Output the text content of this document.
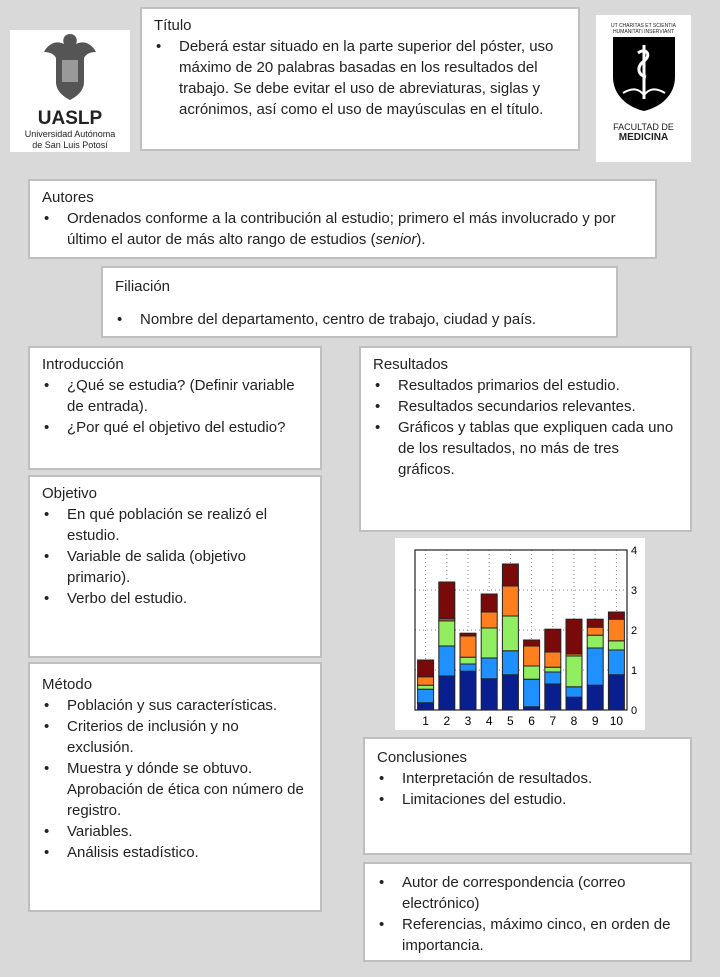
UASLP
Universidad Autónoma
de San Luis Potosí
UT CHARITAS ET SCIENTIA
HUMANITATI INSERVIANT
FACULTAD DE
MEDICINA
Título
• Deberá estar situado en la parte superior del póster, uso máximo de 20 palabras basadas en los resultados del trabajo. Se debe evitar el uso de abreviaturas, siglas y acrónimos, así como el uso de mayúsculas en el título.
Autores
• Ordenados conforme a la contribución al estudio; primero el más involucrado y por último el autor de más alto rango de estudios (senior).
Filiación
• Nombre del departamento, centro de trabajo, ciudad y país.
Introducción
• ¿Qué se estudia? (Definir variable de entrada).
• ¿Por qué el objetivo del estudio?
Objetivo
• En qué población se realizó el estudio.
• Variable de salida (objetivo primario).
• Verbo del estudio.
Método
• Población y sus características.
• Criterios de inclusión y no exclusión.
• Muestra y dónde se obtuvo. Aprobación de ética con número de registro.
• Variables.
• Análisis estadístico.
Resultados
• Resultados primarios del estudio.
• Resultados secundarios relevantes.
• Gráficos y tablas que expliquen cada uno de los resultados, no más de tres gráficos.
0
1
2
3
4
1 2 3 4 5 6 7 8 9 10
Conclusiones
• Interpretación de resultados.
• Limitaciones del estudio.
• Autor de correspondencia (correo electrónico)
• Referencias, máximo cinco, en orden de importancia.
